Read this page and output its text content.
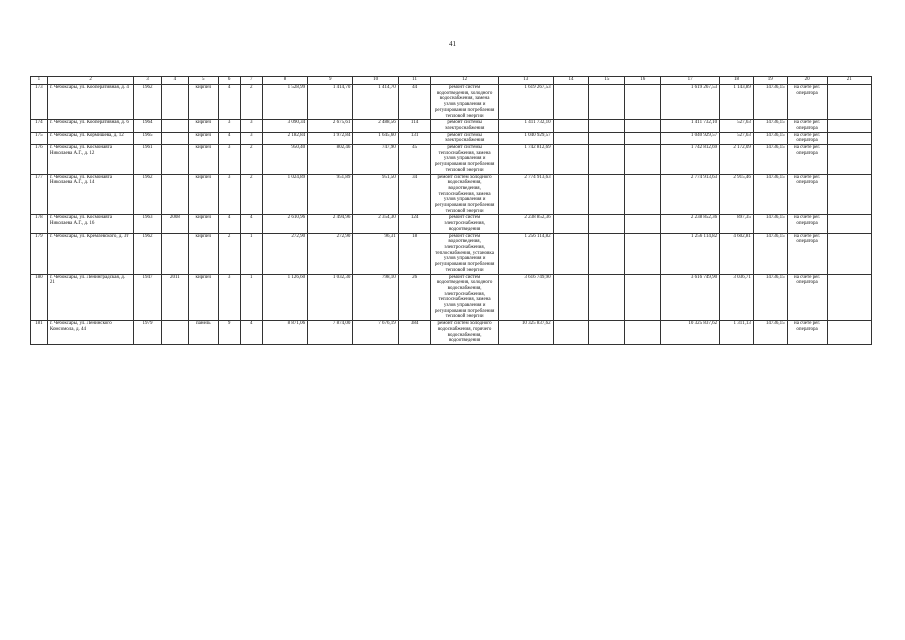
41
1	2	3	4	5	6	7	8	9	10	11	12	13	14	15	16	17	18	19	20	21
173	г. Чебоксары, ул. Кооперативная, д. 4	1962		кирпич	4	2	1 528,99	1 414,70	1 414,70	44	ремонт систем водоотведения, холодного водоснабжения, замена узлов управления и регулирования потребления тепловой энергии	1 619 267,53				1 619 267,53	1 143,89	14736,15	на счете рег. оператора	
174	г. Чебоксары, ул. Кооперативная, д. 6	1964		кирпич	3	3	3 090,34	2 675,61	2 488,56	114	ремонт системы электроснабжения	1 411 732,10				1 411 732,10	527,63	14736,15	на счете рег. оператора	
175	г. Чебоксары, ул. Кормишева, д. 12	1965		кирпич	4	3	2 182,84	1 972,84	1 645,60	131	ремонт системы электроснабжения	1 040 929,57				1 040 929,57	527,63	14736,15	на счете рег. оператора	
176	г. Чебоксары, ул. Космонавта Николаева А.Г., д. 12	1961		кирпич	3	2	950,40	802,46	747,90	45	ремонт системы теплоснабжения, замена узлов управления и регулирования потребления тепловой энергии	1 742 812,69				1 742 812,69	2 172,09	14736,15	на счете рег. оператора	
177	г. Чебоксары, ул. Космонавта Николаева А.Г., д. 14	1962		кирпич	3	2	1 024,89	951,89	951,50	34	ремонт систем холодного водоснабжения, водоотведения, теплоснабжения, замена узлов управления и регулирования потребления тепловой энергии	2 774 913,63				2 774 913,63	2 915,46	14736,15	на счете рег. оператора	
178	г. Чебоксары, ул. Космонавта Николаева А.Г., д. 16	1963	2008	кирпич	4	4	2 610,96	2 494,96	2 354,30	124	ремонт систем электроснабжения, водоотведения	2 238 852,36				2 238 852,36	897,35	14736,15	на счете рег. оператора	
179	г. Чебоксары, ул. Кремлевского, д. 3т	1962		кирпич	2	1	272,90	272,90	96,31	18	ремонт систем водоотведения, электроснабжения, теплоснабжения, установка узлов управления и регулирования потребления тепловой энергии	1 256 114,82				1 256 114,82	4 602,81	14736,15	на счете рег. оператора	
180	г. Чебоксары, ул. Ленинградская, д. 21	1947	2011	кирпич	3	1	1 126,60	1 032,30	798,10	26	ремонт систем водоотведения, холодного водоснабжения, электроснабжения, теплоснабжения, замена узлов управления и регулирования потребления тепловой энергии	3 616 749,90				3 616 749,90	3 036,71	14736,15	на счете рег. оператора	
181	г. Чебоксары, ул. Ленинского Комсомола, д. 44	1979		панель	9	4	8 871,06	7 874,00	7 676,19	384	ремонт систем холодного водоснабжения, горячего водоснабжения, водоотведения	10 325 837,62				10 325 837,62	1 311,13	14736,15	на счете рег. оператора	
